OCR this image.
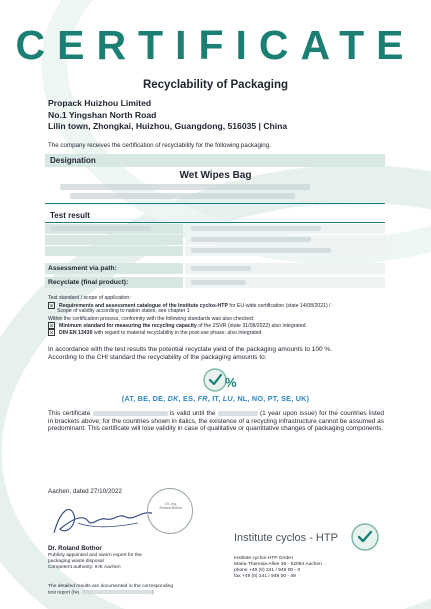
CERTIFICATE
Recyclability of Packaging
Propack Huizhou Limited
No.1 Yingshan North Road
Lilin town, Zhongkai, Huizhou, Guangdong, 516035 | China
The company receives the certification of recyclability for the following packaging.
Designation
Wet Wipes Bag
Test result
Assessment via path:
Recyclate (final product):
Test standard / scope of application:
☒ Requirements and assessment catalogue of the Institute cyclos-HTP for EU-wide certification (state 14/08/2021) /
Scope of validity according to nation states, see chapter 1
Within the certification process, conformity with the following standards was also checked:
☒ Minimum standard for measuring the recycling capacity of the ZSVR (state 31/08/2022) also integrated
☒ DIN EN 13430 with regard to material recyclability in the post-use phase: also integrated
In accordance with the test results the potential recyclate yield of the packaging amounts to 100 %.
According to the CHI standard the recyclability of the packaging amounts to:
%
(AT, BE, DE, DK, ES, FR, IT, LU, NL, NO, PT, SE, UK)
This certificate	is valid until the	(1 year upon issue) for the countries listed in brackets above; for the countries shown in italics, the existence of a recycling infrastructure cannot be assumed as predominant. This certificate will lose validity in case of qualitative or quantitative changes of packaging components.
Aachen, dated 27/10/2022
Dr.-Ing.
Roland Bothor
Dr. Roland Bothor
Publicly appointed and sworn expert for the
packaging waste disposal
Competent authority: IHK Aachen
The detailed results are documented in the corresponding
test report (No.	)
Institute cyclos - HTP
Institute cyclos-HTP GmbH
Maria-Theresia-Allee 35 - 52064 Aachen
phone +49 (0) 241 / 949 00 - 0
fax +49 (0) 241 / 949 00 - 49
